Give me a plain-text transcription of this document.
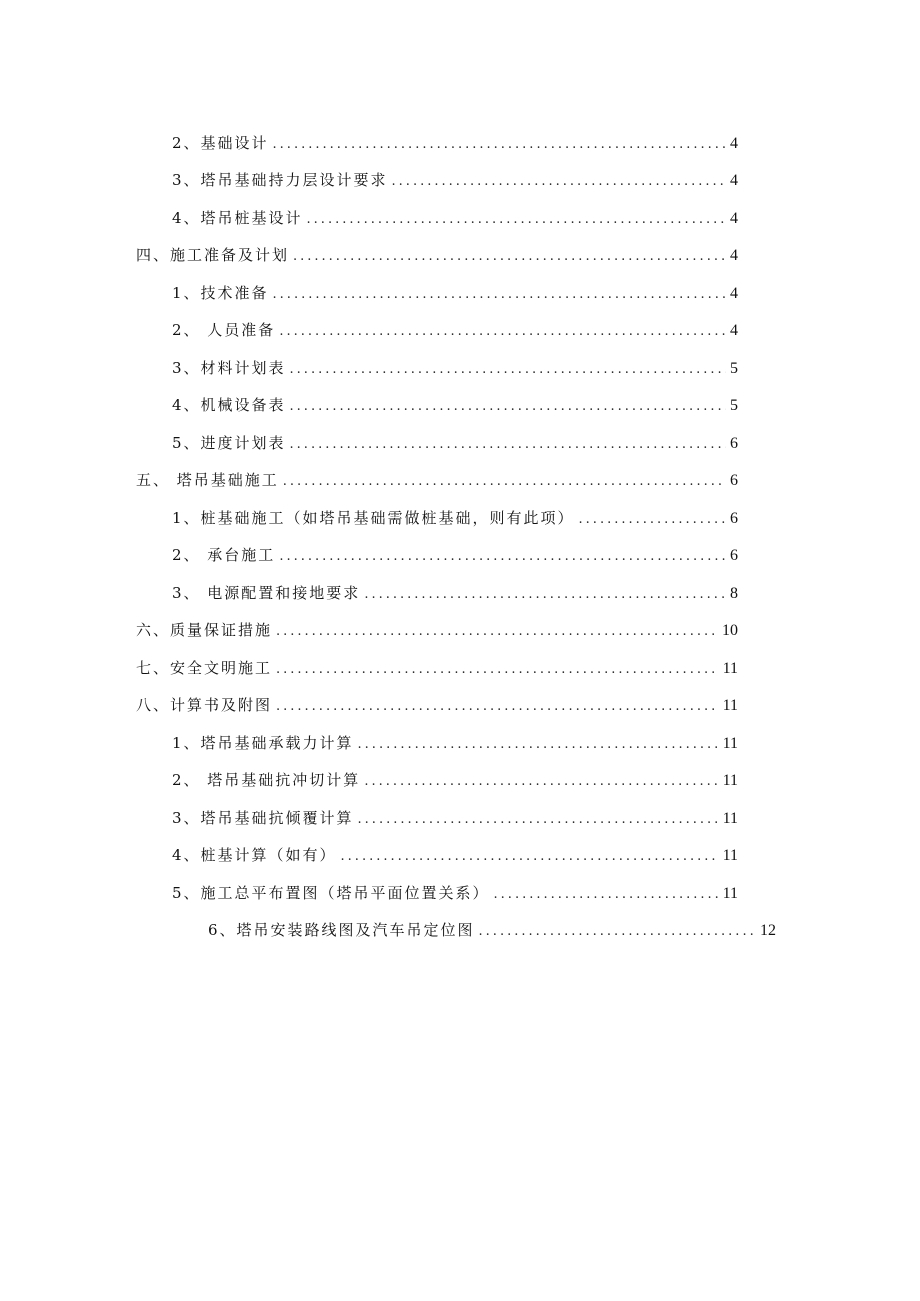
2、基础设计 .....	4
3、塔吊基础持力层设计要求 .....	4
4、塔吊桩基设计 .....	4
四、施工准备及计划 .....	4
1、技术准备 .....	4
2、 人员准备 .....	4
3、材料计划表 .....	5
4、机械设备表 .....	5
5、进度计划表 .....	6
五、 塔吊基础施工 .....	6
1、桩基础施工（如塔吊基础需做桩基础，则有此项） .....	6
2、 承台施工 .....	6
3、 电源配置和接地要求 .....	8
六、质量保证措施 .....	10
七、安全文明施工 .....	11
八、计算书及附图 .....	11
1、塔吊基础承载力计算 .....	11
2、 塔吊基础抗冲切计算 .....	11
3、塔吊基础抗倾覆计算 .....	11
4、桩基计算（如有） .....	11
5、施工总平布置图（塔吊平面位置关系） .....	11
6、塔吊安装路线图及汽车吊定位图 .....	12
